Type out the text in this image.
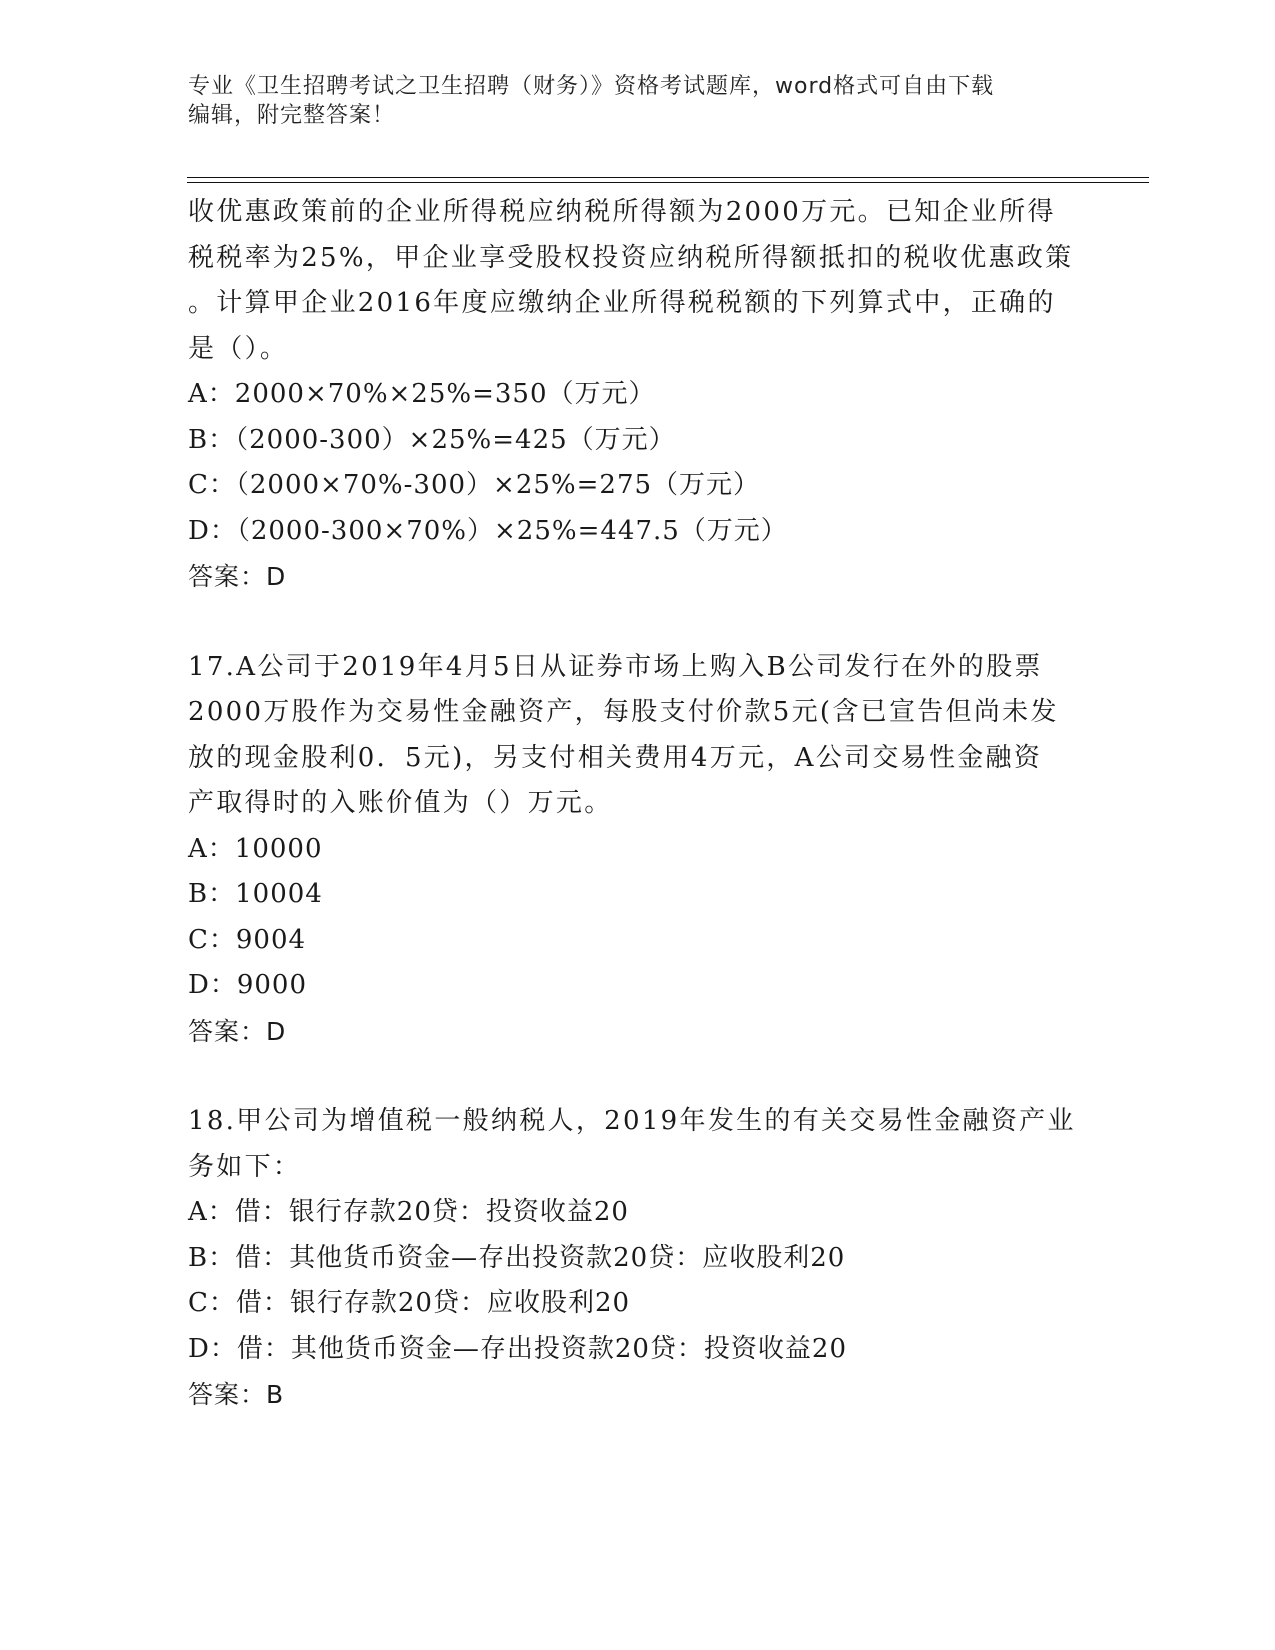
专业《卫生招聘考试之卫生招聘（财务）》资格考试题库，word格式可自由下载
编辑，附完整答案！
收优惠政策前的企业所得税应纳税所得额为2000万元。已知企业所得
税税率为25%，甲企业享受股权投资应纳税所得额抵扣的税收优惠政策
。计算甲企业2016年度应缴纳企业所得税税额的下列算式中，正确的
是（）。
A：2000×70%×25%=350（万元）
B：（2000-300）×25%=425（万元）
C：（2000×70%-300）×25%=275（万元）
D：（2000-300×70%）×25%=447.5（万元）
答案：D
17.A公司于2019年4月5日从证券市场上购入B公司发行在外的股票
2000万股作为交易性金融资产，每股支付价款5元(含已宣告但尚未发
放的现金股利0．5元)，另支付相关费用4万元，A公司交易性金融资
产取得时的入账价值为（）万元。
A：10000
B：10004
C：9004
D：9000
答案：D
18.甲公司为增值税一般纳税人，2019年发生的有关交易性金融资产业
务如下：
A：借：银行存款20贷：投资收益20
B：借：其他货币资金—存出投资款20贷：应收股利20
C：借：银行存款20贷：应收股利20
D：借：其他货币资金—存出投资款20贷：投资收益20
答案：B
